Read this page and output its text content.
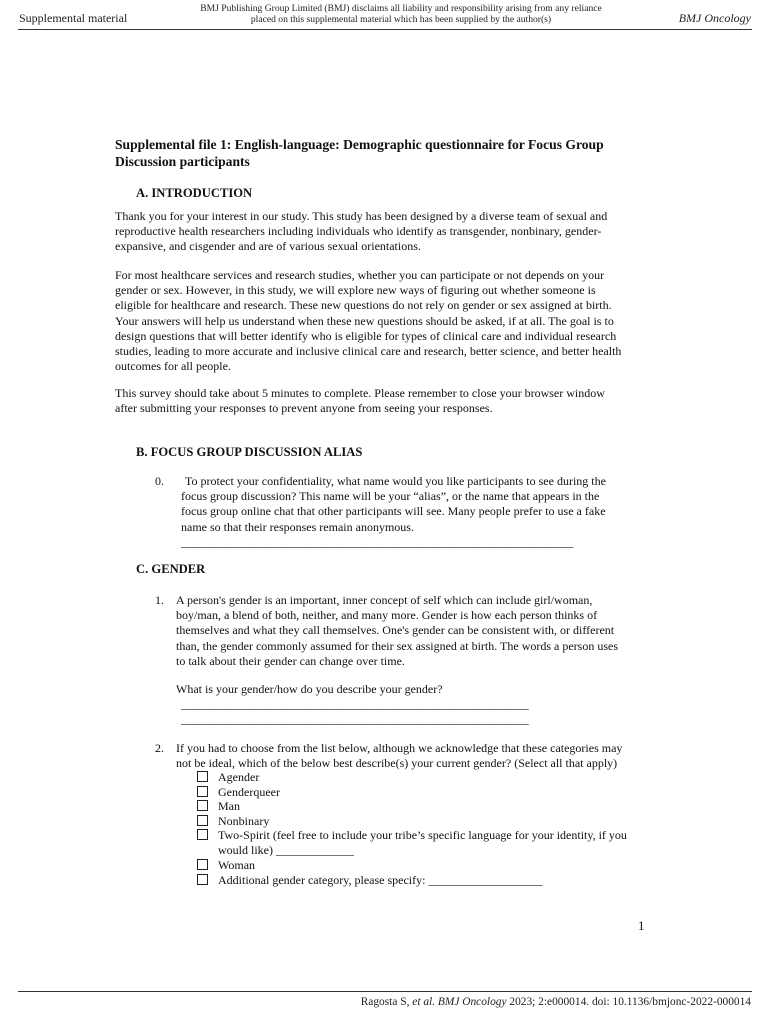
Supplemental material
BMJ Publishing Group Limited (BMJ) disclaims all liability and responsibility arising from any reliance
placed on this supplemental material which has been supplied by the author(s)	BMJ Oncology
Supplemental file 1: English-language: Demographic questionnaire for Focus Group
Discussion participants
A. INTRODUCTION
Thank you for your interest in our study. This study has been designed by a diverse team of sexual and
reproductive health researchers including individuals who identify as transgender, nonbinary, gender-
expansive, and cisgender and are of various sexual orientations.
For most healthcare services and research studies, whether you can participate or not depends on your
gender or sex. However, in this study, we will explore new ways of figuring out whether someone is
eligible for healthcare and research. These new questions do not rely on gender or sex assigned at birth.
Your answers will help us understand when these new questions should be asked, if at all. The goal is to
design questions that will better identify who is eligible for types of clinical care and individual research
studies, leading to more accurate and inclusive clinical care and research, better science, and better health
outcomes for all people.
This survey should take about 5 minutes to complete. Please remember to close your browser window
after submitting your responses to prevent anyone from seeing your responses.
B. FOCUS GROUP DISCUSSION ALIAS
0.	To protect your confidentiality, what name would you like participants to see during the
focus group discussion? This name will be your “alias”, or the name that appears in the
focus group online chat that other participants will see. Many people prefer to use a fake
name so that their responses remain anonymous.
______________________________________________________________________
C. GENDER
1. A person's gender is an important, inner concept of self which can include girl/woman,
boy/man, a blend of both, neither, and many more. Gender is how each person thinks of
themselves and what they call themselves. One's gender can be consistent with, or different
than, the gender commonly assumed for their sex assigned at birth. The words a person uses
to talk about their gender can change over time.
What is your gender/how do you describe your gender?
______________________________________________________________
______________________________________________________________
2. If you had to choose from the list below, although we acknowledge that these categories may
not be ideal, which of the below best describe(s) your current gender? (Select all that apply)
Agender
Genderqueer
Man
Nonbinary
Two-Spirit (feel free to include your tribe’s specific language for your identity, if you
would like) _____________
Woman
Additional gender category, please specify: ___________________
1
Ragosta S, et al. BMJ Oncology 2023; 2:e000014. doi: 10.1136/bmjonc-2022-000014
